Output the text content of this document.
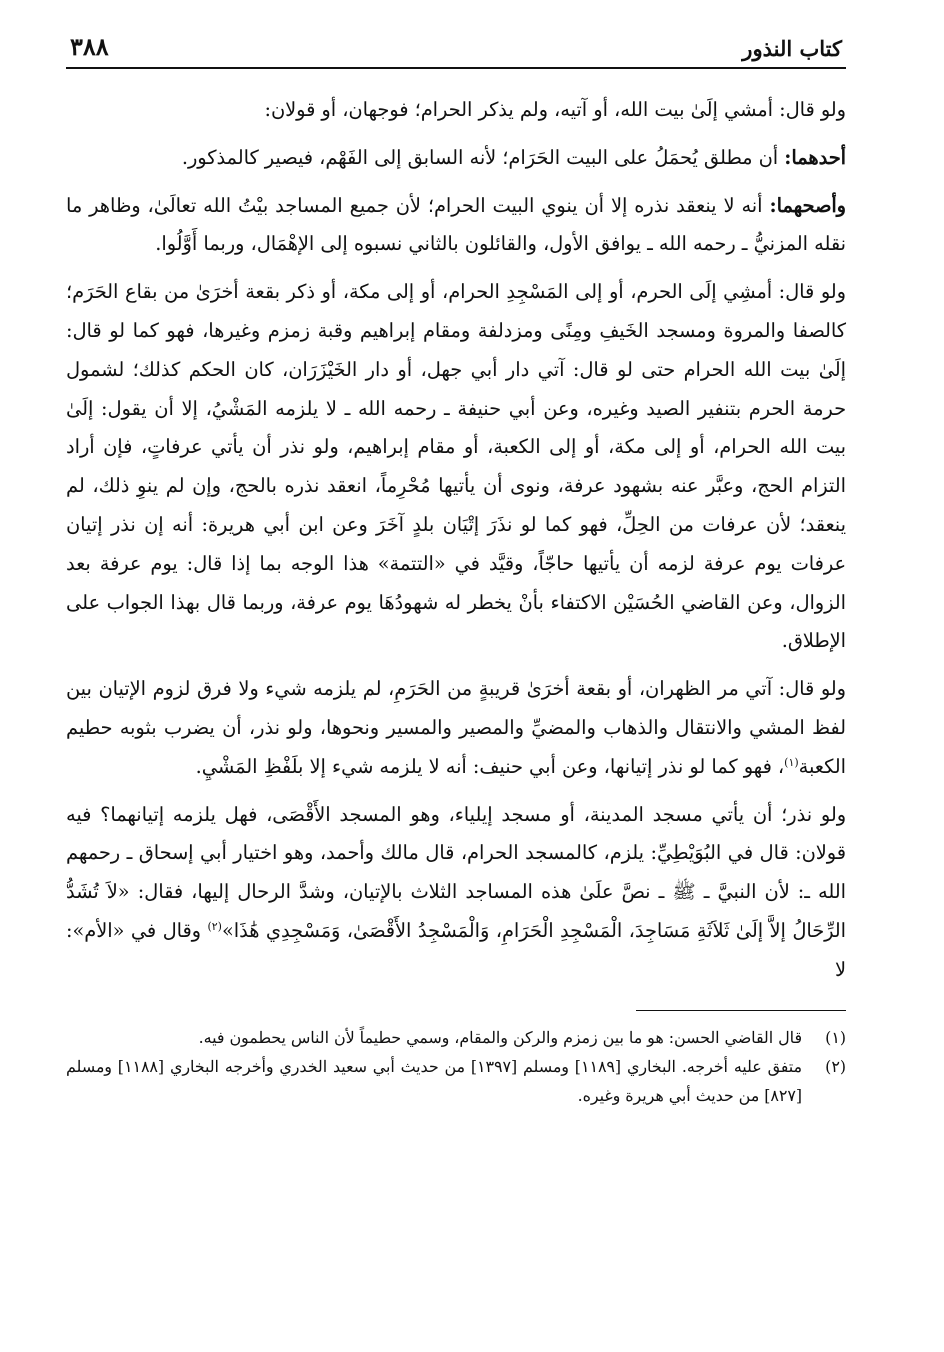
كتاب النذور
٣٨٨

ولو قال: أمشي إلَىٰ بيت الله، أو آتيه، ولم يذكر الحرام؛ فوجهان، أو قولان:

أحدهما: أن مطلق يُحمَلُ على البيت الحَرَام؛ لأنه السابق إلى الفَهْم، فيصير كالمذكور.

وأصحهما: أنه لا ينعقد نذره إلا أن ينوي البيت الحرام؛ لأن جميع المساجد بيْتُ الله تعالَىٰ، وظاهر ما نقله المزنيُّ ـ رحمه الله ـ يوافق الأول، والقائلون بالثاني نسبوه إلى الإهْمَال، وربما أَوَّلُوا.

ولو قال: أمشِي إلَى الحرم، أو إلى المَسْجِدِ الحرام، أو إلى مكة، أو ذكر بقعة أخرَىٰ من بقاع الحَرَم؛ كالصفا والمروة ومسجد الخَيفِ ومِنًى ومزدلفة ومقام إبراهيم وقبة زمزم وغيرها، فهو كما لو قال: إلَىٰ بيت الله الحرام حتى لو قال: آتي دار أبي جهل، أو دار الخَيْزَرَان، كان الحكم كذلك؛ لشمول حرمة الحرم بتنفير الصيد وغيره، وعن أبي حنيفة ـ رحمه الله ـ لا يلزمه المَشْيُ، إلا أن يقول: إلَىٰ بيت الله الحرام، أو إلى مكة، أو إلى الكعبة، أو مقام إبراهيم، ولو نذر أن يأتي عرفاتٍ، فإن أراد التزام الحج، وعبَّر عنه بشهود عرفة، ونوى أن يأتيها مُحْرِماً، انعقد نذره بالحج، وإن لم ينوِ ذلك، لم ينعقد؛ لأن عرفات من الحِلِّ، فهو كما لو نذَرَ إتْيَان بلدٍ آخَرَ وعن ابن أبي هريرة: أنه إن نذر إتيان عرفات يوم عرفة لزمه أن يأتيها حاجّاً، وقيَّد في «التتمة» هذا الوجه بما إذا قال: يوم عرفة بعد الزوال، وعن القاضي الحُسَيْن الاكتفاء بأنْ يخطر له شهودُهَا يوم عرفة، وربما قال بهذا الجواب على الإطلاق.

ولو قال: آتي مر الظهران، أو بقعة أخرَىٰ قريبةٍ من الحَرَمِ، لم يلزمه شيء ولا فرق لزوم الإتيان بين لفظ المشي والانتقال والذهاب والمضيِّ والمصير والمسير ونحوها، ولو نذر، أن يضرب بثوبه حطيم الكعبة$^{(١)}$، فهو كما لو نذر إتيانها، وعن أبي حنيف: أنه لا يلزمه شيء إلا بلَفْظِ المَشْيِ.

ولو نذر؛ أن يأتي مسجد المدينة، أو مسجد إيلياء، وهو المسجد الأَقْصَى، فهل يلزمه إتيانهما؟ فيه قولان: قال في البُوَيْطِيِّ: يلزم، كالمسجد الحرام، قال مالك وأحمد، وهو اختيار أبي إسحاق ـ رحمهم الله ـ: لأن النبيَّ ـ ﷺ ـ نصَّ علَىٰ هذه المساجد الثلاث بالإتيان، وشدَّ الرحال إليها، فقال: «لاَ تُشَدُّ الرِّحَالُ إلاَّ إلَىٰ ثَلاَثَةِ مَسَاجِدَ، الْمَسْجِدِ الْحَرَامِ، وَالْمَسْجِدُ الأَقْصَىٰ، وَمَسْجِدِي هَٰذَا»$^{(٢)}$ وقال في «الأم»: لا

(١)
قال القاضي الحسن: هو ما بين زمزم والركن والمقام، وسمي حطيماً لأن الناس يحطمون فيه.

(٢)
متفق عليه أخرجه. البخاري [١١٨٩] ومسلم [١٣٩٧] من حديث أبي سعيد الخدري وأخرجه البخاري [١١٨٨] ومسلم [٨٢٧] من حديث أبي هريرة وغيره.
